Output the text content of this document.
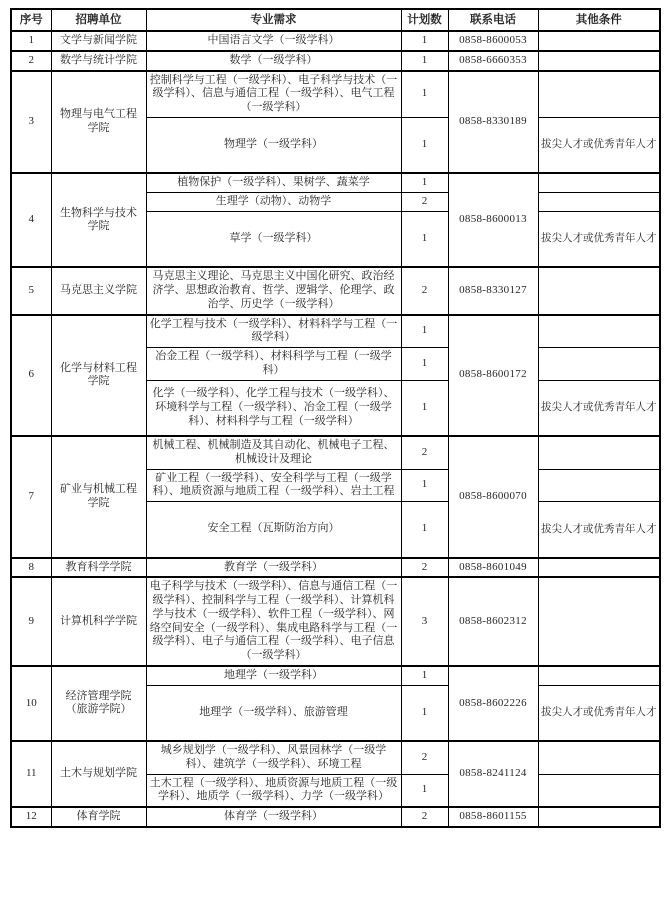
序号	招聘单位	专业需求	计划数	联系电话	其他条件
1	文学与新闻学院	中国语言文学（一级学科）	1	0858-8600053	
2	数学与统计学院	数学（一级学科）	1	0858-6660353	
3	物理与电气工程学院	控制科学与工程（一级学科）、电子科学与技术（一级学科）、信息与通信工程（一级学科）、电气工程（一级学科）	1	0858-8330189	
		物理学（一级学科）	1		拔尖人才或优秀青年人才
4	生物科学与技术学院	植物保护（一级学科）、果树学、蔬菜学	1	0858-8600013	
		生理学（动物）、动物学	2		
		草学（一级学科）	1		拔尖人才或优秀青年人才
5	马克思主义学院	马克思主义理论、马克思主义中国化研究、政治经济学、思想政治教育、哲学、逻辑学、伦理学、政治学、历史学（一级学科）	2	0858-8330127	
6	化学与材料工程学院	化学工程与技术（一级学科）、材料科学与工程（一级学科）	1	0858-8600172	
		冶金工程（一级学科）、材料科学与工程（一级学科）	1		
		化学（一级学科）、化学工程与技术（一级学科）、环境科学与工程（一级学科）、冶金工程（一级学科）、材料科学与工程（一级学科）	1		拔尖人才或优秀青年人才
7	矿业与机械工程学院	机械工程、机械制造及其自动化、机械电子工程、机械设计及理论	2	0858-8600070	
		矿业工程（一级学科）、安全科学与工程（一级学科）、地质资源与地质工程（一级学科）、岩土工程	1		
		安全工程（瓦斯防治方向）	1		拔尖人才或优秀青年人才
8	教育科学学院	教育学（一级学科）	2	0858-8601049	
9	计算机科学学院	电子科学与技术（一级学科）、信息与通信工程（一级学科）、控制科学与工程（一级学科）、计算机科学与技术（一级学科）、软件工程（一级学科）、网络空间安全（一级学科）、集成电路科学与工程（一级学科）、电子与通信工程（一级学科）、电子信息（一级学科）	3	0858-8602312	
10	经济管理学院（旅游学院）	地理学（一级学科）	1	0858-8602226	
		地理学（一级学科）、旅游管理	1		拔尖人才或优秀青年人才
11	土木与规划学院	城乡规划学（一级学科）、风景园林学（一级学科）、建筑学（一级学科）、环境工程	2	0858-8241124	
		土木工程（一级学科）、地质资源与地质工程（一级学科）、地质学（一级学科）、力学（一级学科）	1		
12	体育学院	体育学（一级学科）	2	0858-8601155	
